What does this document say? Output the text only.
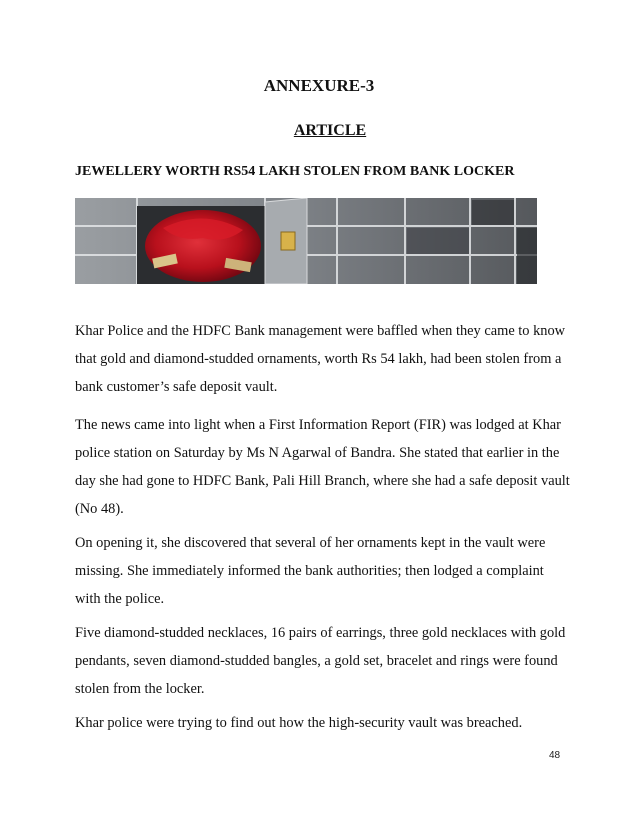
ANNEXURE-3
ARTICLE
JEWELLERY WORTH RS54 LAKH STOLEN FROM BANK LOCKER

Khar Police and the HDFC Bank management were baffled when they came to know that gold and diamond-studded ornaments, worth Rs 54 lakh, had been stolen from a bank customer’s safe deposit vault.

The news came into light when a First Information Report (FIR) was lodged at Khar police station on Saturday by Ms N Agarwal of Bandra. She stated that earlier in the day she had gone to HDFC Bank, Pali Hill Branch, where she had a safe deposit vault (No 48).

On opening it, she discovered that several of her ornaments kept in the vault were missing. She immediately informed the bank authorities; then lodged a complaint with the police.

Five diamond-studded necklaces, 16 pairs of earrings, three gold necklaces with gold pendants, seven diamond-studded bangles, a gold set, bracelet and rings were found stolen from the locker.

Khar police were trying to find out how the high-security vault was breached.

48
